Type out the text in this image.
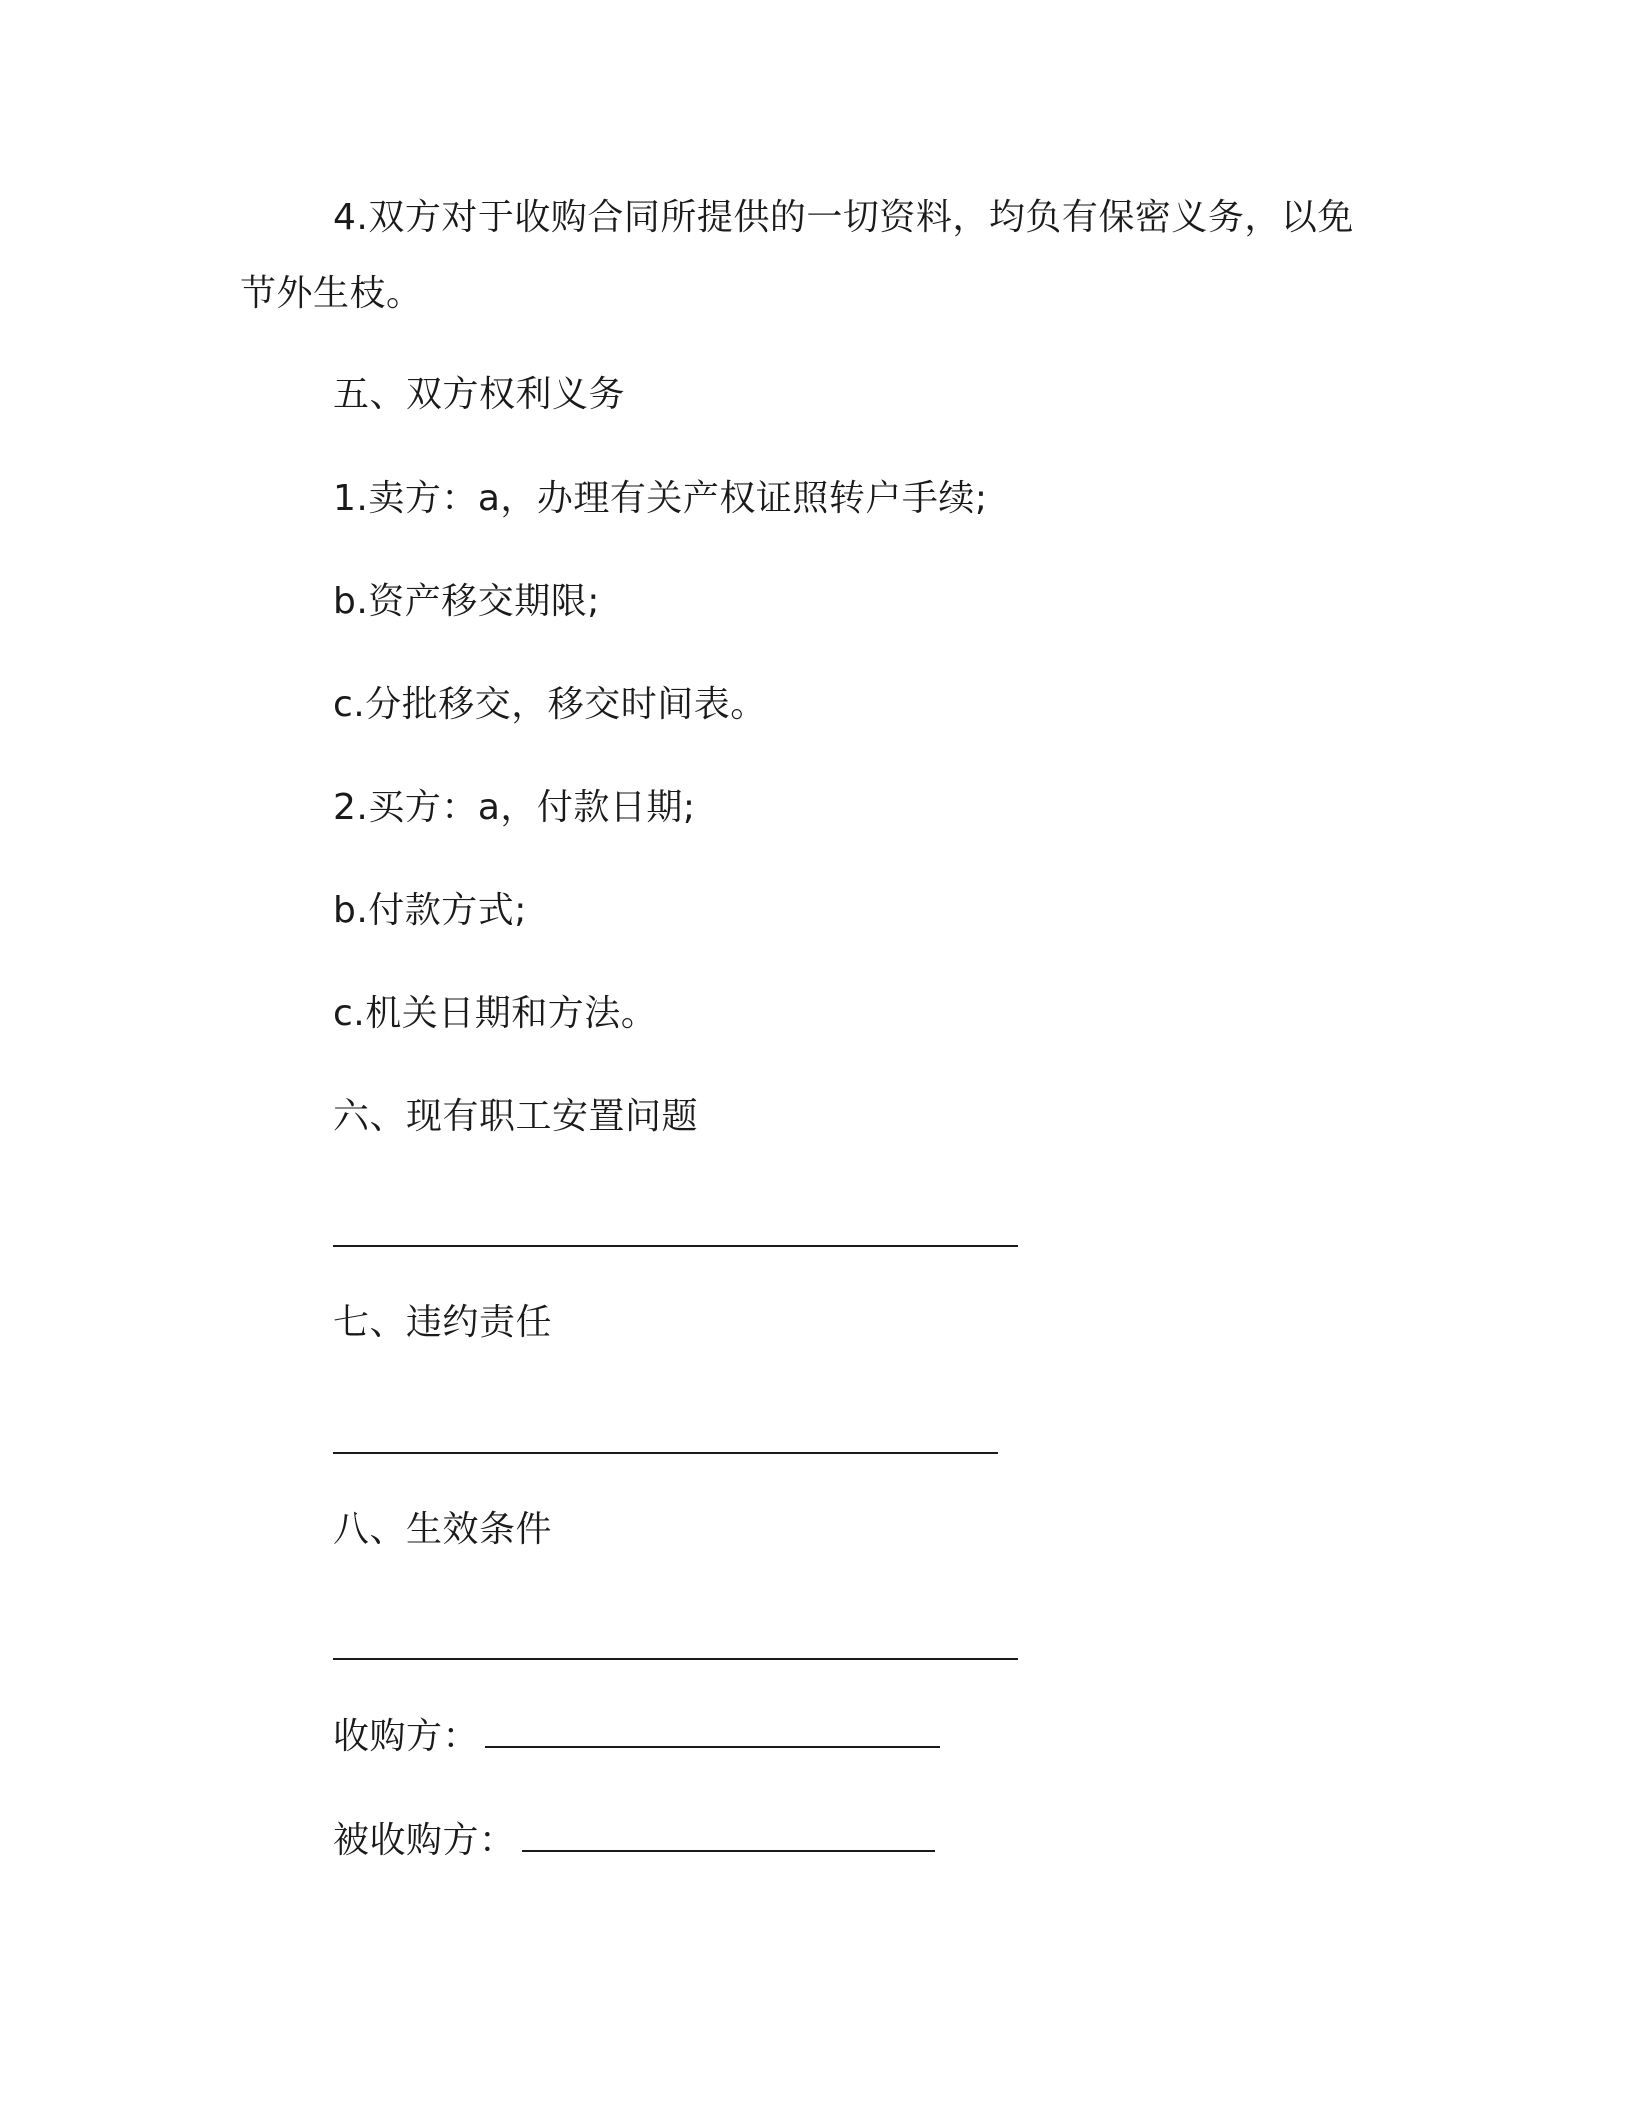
4.双方对于收购合同所提供的一切资料，均负有保密义务，以免
节外生枝。
五、双方权利义务
1.卖方：a，办理有关产权证照转户手续;
b.资产移交期限;
c.分批移交，移交时间表。
2.买方：a，付款日期;
b.付款方式;
c.机关日期和方法。
六、现有职工安置问题
七、违约责任
八、生效条件
收购方：
被收购方：
